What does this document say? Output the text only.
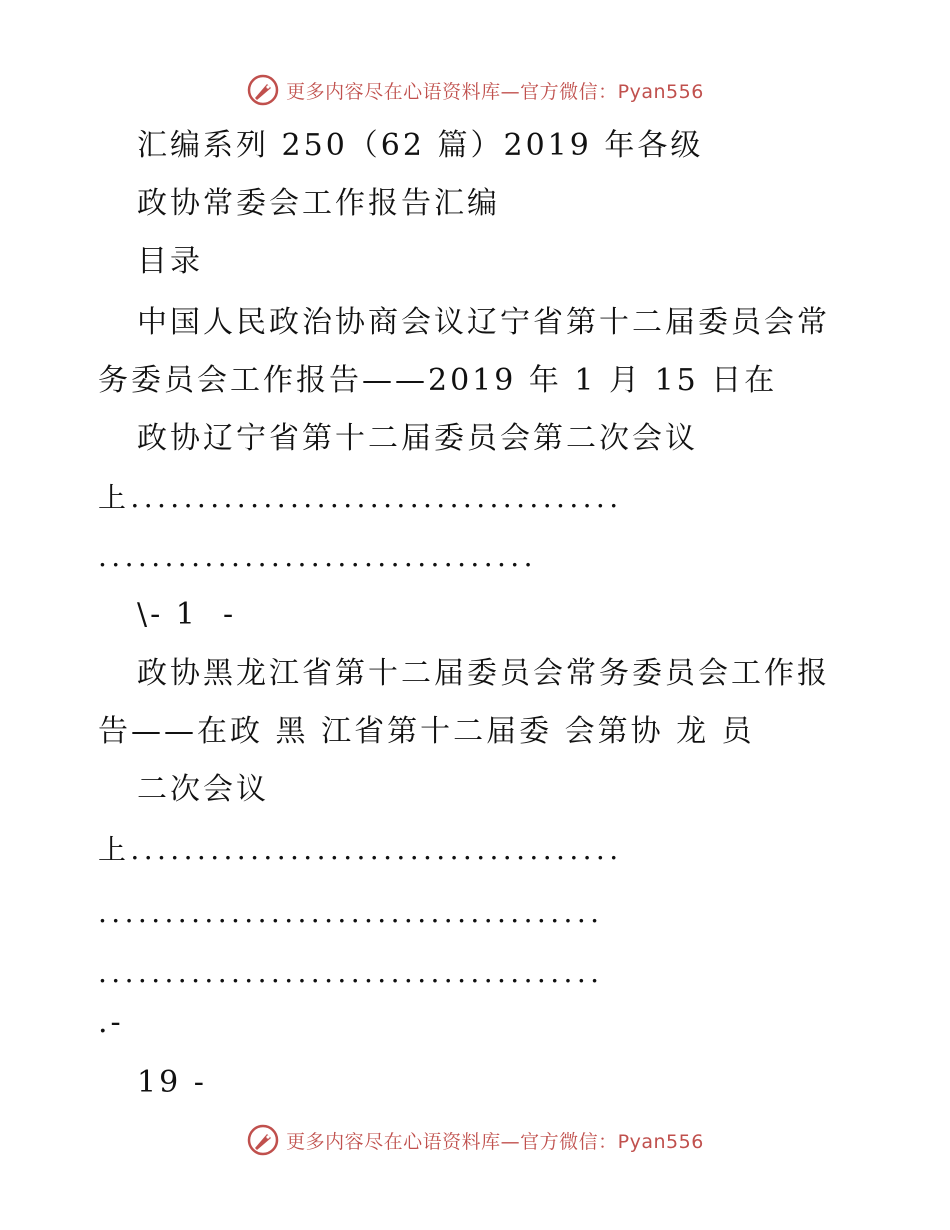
更多内容尽在心语资料库—官方微信：Pyan556
汇编系列 250（62 篇）2019 年各级
政协常委会工作报告汇编
目录
中国人民政治协商会议辽宁省第十二届委员会常
务委员会工作报告——2019 年 1 月 15 日在
政协辽宁省第十二届委员会第二次会议
上.....................................
.................................
\- 1  -
政协黑龙江省第十二届委员会常务委员会工作报
告——在政 黑 江省第十二届委 会第协 龙 员
二次会议
上.....................................
......................................
......................................
.-
19 -
更多内容尽在心语资料库—官方微信：Pyan556
